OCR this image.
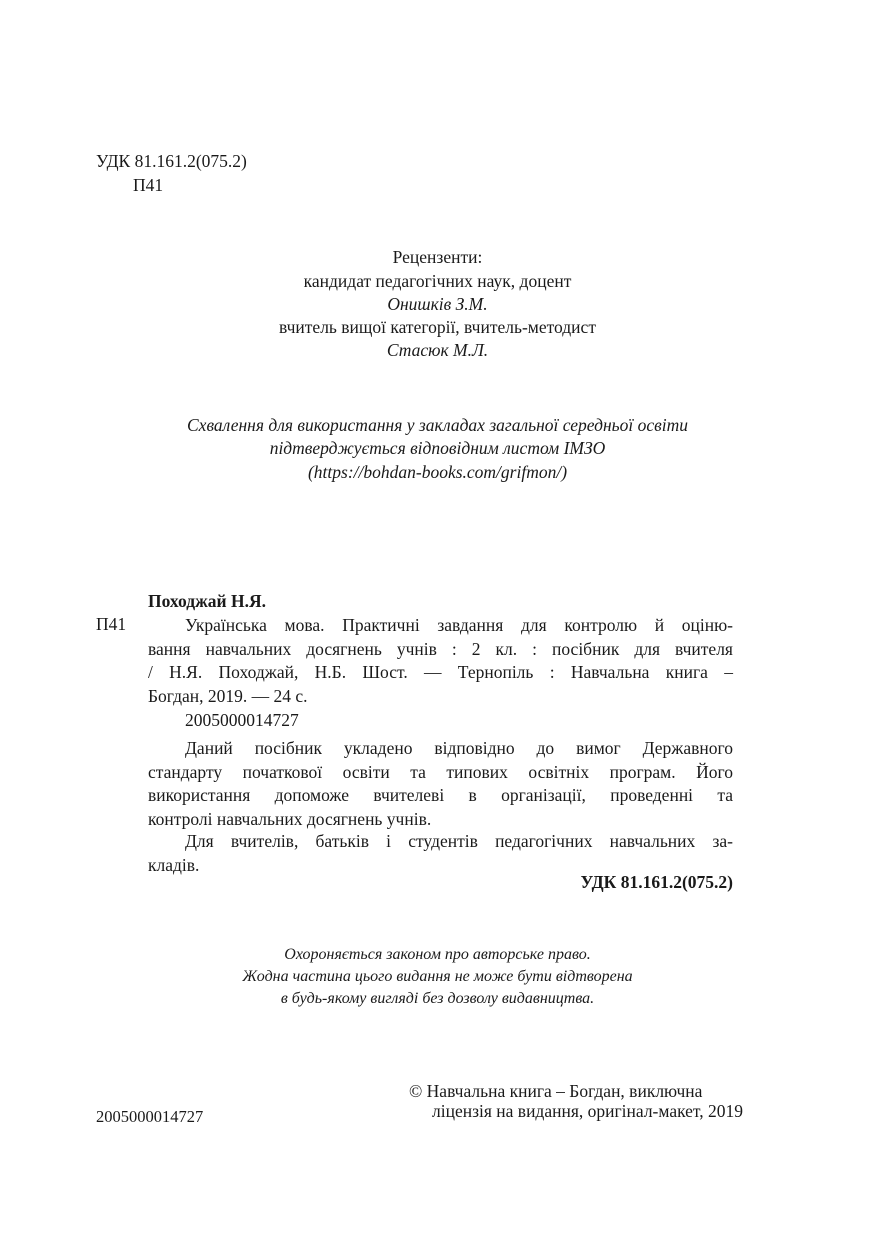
УДК 81.161.2(075.2)
П41
Рецензенти:
кандидат педагогічних наук, доцент
Онишків З.М.
вчитель вищої категорії, вчитель-методист
Стасюк М.Л.
Схвалення для використання у закладах загальної середньої освіти
підтверджується відповідним листом ІМЗО
(https://bohdan-books.com/grifmon/)
Походжай Н.Я.
П41	Українська мова. Практичні завдання для контролю й оціню-
вання навчальних досягнень учнів : 2 кл. : посібник для вчителя
/ Н.Я. Походжай, Н.Б. Шост. — Тернопіль : Навчальна книга –
Богдан, 2019. — 24 с.
2005000014727
Даний посібник укладено відповідно до вимог Державного
стандарту початкової освіти та типових освітніх програм. Його
використання допоможе вчителеві в організації, проведенні та
контролі навчальних досягнень учнів.
Для вчителів, батьків і студентів педагогічних навчальних за-
кладів.
УДК 81.161.2(075.2)
Охороняється законом про авторське право.
Жодна частина цього видання не може бути відтворена
в будь-якому вигляді без дозволу видавництва.
2005000014727
© Навчальна книга – Богдан, виключна
ліцензія на видання, оригінал-макет, 2019
